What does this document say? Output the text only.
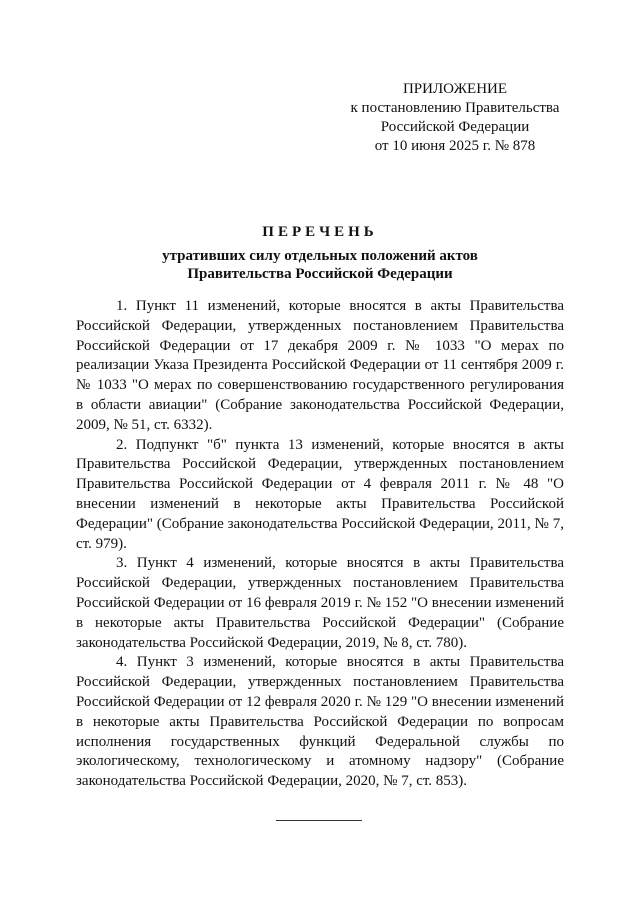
ПРИЛОЖЕНИЕ
к постановлению Правительства
Российской Федерации
от 10 июня 2025 г. № 878
ПЕРЕЧЕНЬ
утративших силу отдельных положений актов
Правительства Российской Федерации

1. Пункт 11 изменений, которые вносятся в акты Правительства Российской Федерации, утвержденных постановлением Правительства Российской Федерации от 17 декабря 2009 г. № 1033 "О мерах по реализации Указа Президента Российской Федерации от 11 сентября 2009 г. № 1033 "О мерах по совершенствованию государственного регулирования в области авиации" (Собрание законодательства Российской Федерации, 2009, № 51, ст. 6332).

2. Подпункт "б" пункта 13 изменений, которые вносятся в акты Правительства Российской Федерации, утвержденных постановлением Правительства Российской Федерации от 4 февраля 2011 г. № 48 "О внесении изменений в некоторые акты Правительства Российской Федерации" (Собрание законодательства Российской Федерации, 2011, № 7, ст. 979).

3. Пункт 4 изменений, которые вносятся в акты Правительства Российской Федерации, утвержденных постановлением Правительства Российской Федерации от 16 февраля 2019 г. № 152 "О внесении изменений в некоторые акты Правительства Российской Федерации" (Собрание законодательства Российской Федерации, 2019, № 8, ст. 780).

4. Пункт 3 изменений, которые вносятся в акты Правительства Российской Федерации, утвержденных постановлением Правительства Российской Федерации от 12 февраля 2020 г. № 129 "О внесении изменений в некоторые акты Правительства Российской Федерации по вопросам исполнения государственных функций Федеральной службы по экологическому, технологическому и атомному надзору" (Собрание законодательства Российской Федерации, 2020, № 7, ст. 853).
